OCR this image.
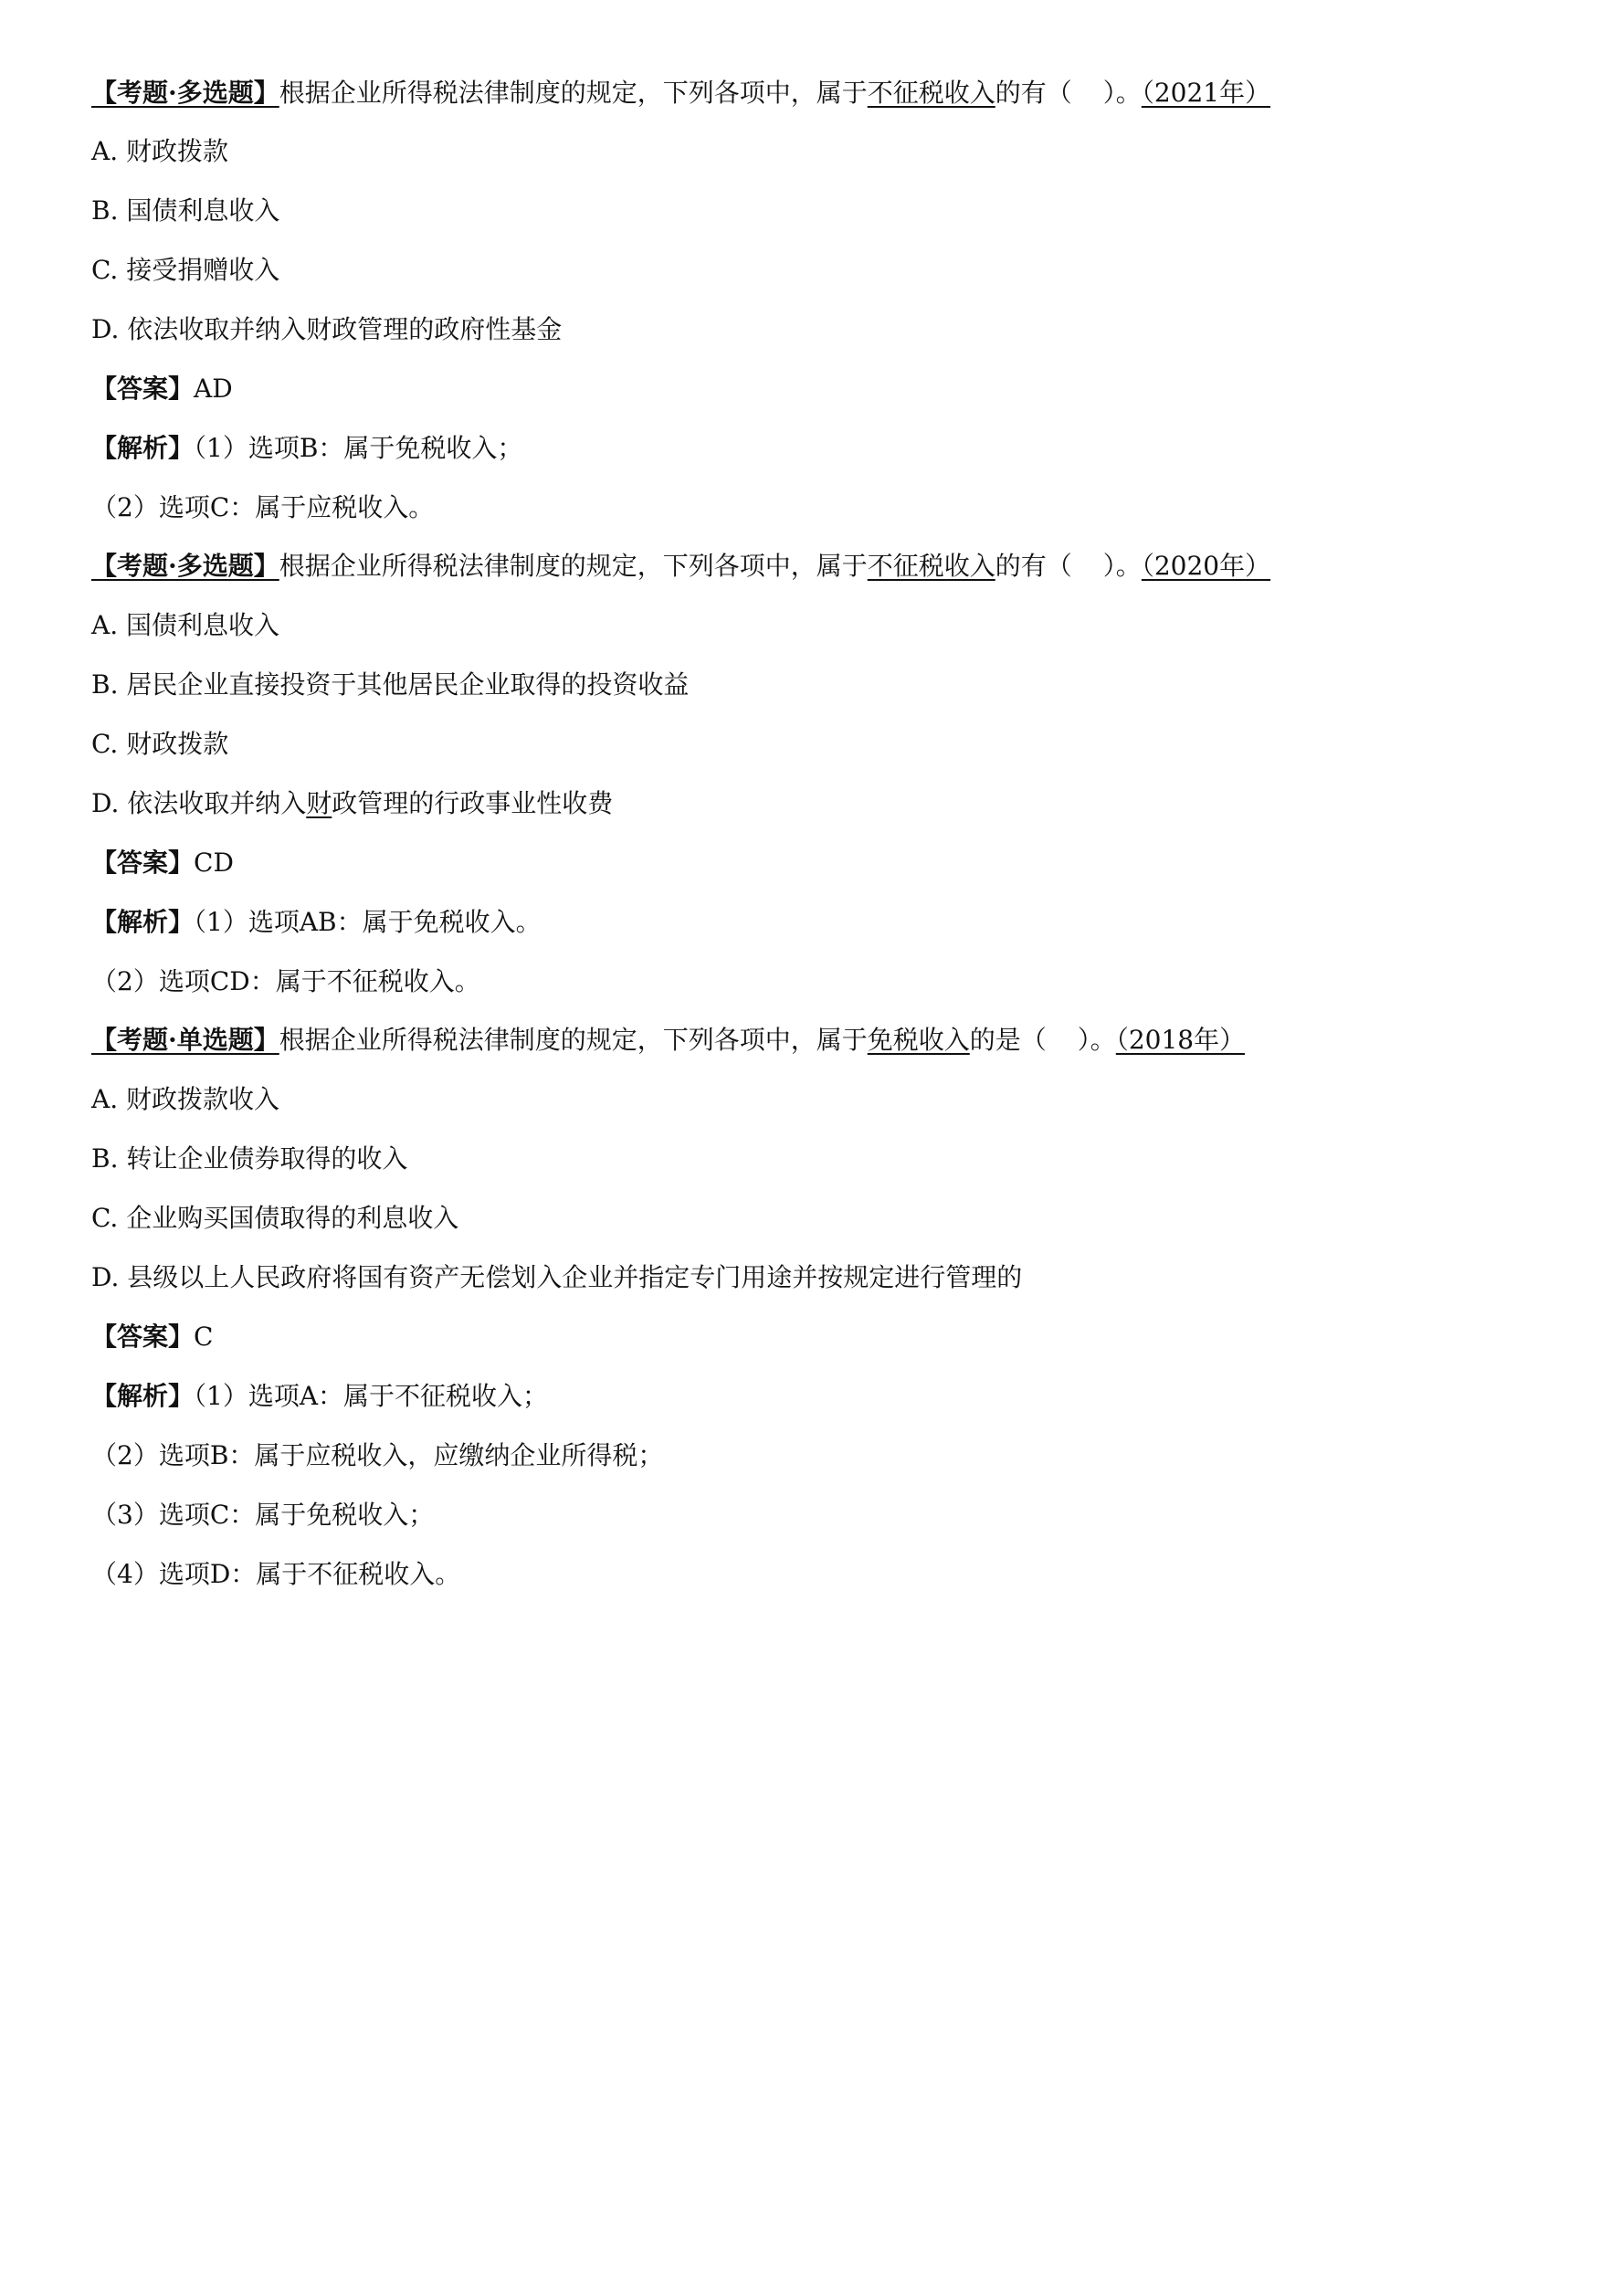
【考题·多选题】根据企业所得税法律制度的规定，下列各项中，属于不征税收入的有（ ）。（2021年）
A. 财政拨款
B. 国债利息收入
C. 接受捐赠收入
D. 依法收取并纳入财政管理的政府性基金
【答案】AD
【解析】（1）选项B：属于免税收入；
（2）选项C：属于应税收入。
【考题·多选题】根据企业所得税法律制度的规定，下列各项中，属于不征税收入的有（ ）。（2020年）
A. 国债利息收入
B. 居民企业直接投资于其他居民企业取得的投资收益
C. 财政拨款
D. 依法收取并纳入财政管理的行政事业性收费
【答案】CD
【解析】（1）选项AB：属于免税收入。
（2）选项CD：属于不征税收入。
【考题·单选题】根据企业所得税法律制度的规定，下列各项中，属于免税收入的是（ ）。（2018年）
A. 财政拨款收入
B. 转让企业债券取得的收入
C. 企业购买国债取得的利息收入
D. 县级以上人民政府将国有资产无偿划入企业并指定专门用途并按规定进行管理的
【答案】C
【解析】（1）选项A：属于不征税收入；
（2）选项B：属于应税收入，应缴纳企业所得税；
（3）选项C：属于免税收入；
（4）选项D：属于不征税收入。
